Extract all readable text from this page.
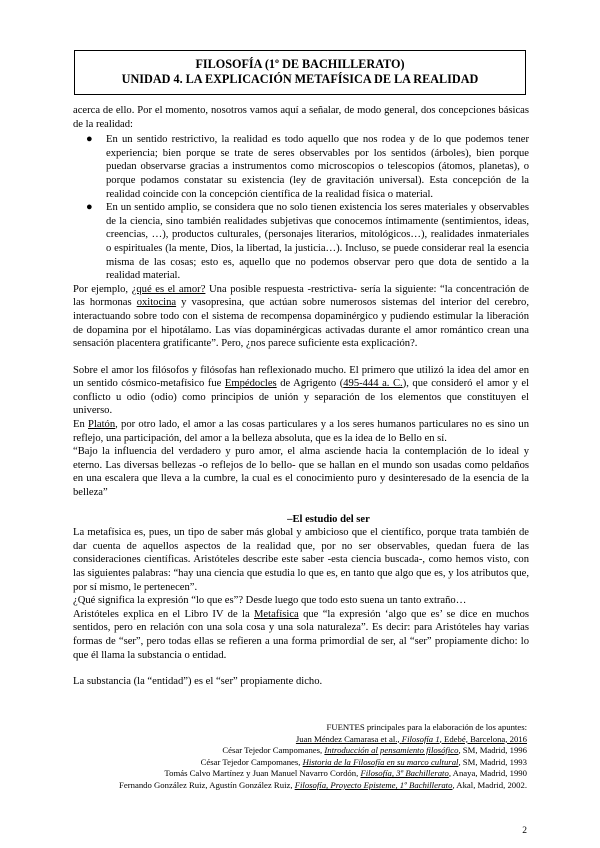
FILOSOFÍA (1º DE BACHILLERATO)
UNIDAD 4. LA EXPLICACIÓN METAFÍSICA DE LA REALIDAD

acerca de ello. Por el momento, nosotros vamos aquí a señalar, de modo general, dos concepciones básicas de la realidad:

● En un sentido restrictivo, la realidad es todo aquello que nos rodea y de lo que podemos tener experiencia; bien porque se trate de seres observables por los sentidos (árboles), bien porque puedan observarse gracias a instrumentos como microscopios o telescopios (átomos, planetas), o porque podamos constatar su existencia (ley de gravitación universal). Esta concepción de la realidad coincide con la concepción científica de la realidad física o material.
● En un sentido amplio, se considera que no solo tienen existencia los seres materiales y observables de la ciencia, sino también realidades subjetivas que conocemos íntimamente (sentimientos, ideas, creencias, …), productos culturales, (personajes literarios, mitológicos…), realidades inmateriales o espirituales (la mente, Dios, la libertad, la justicia…). Incluso, se puede considerar real la esencia misma de las cosas; esto es, aquello que no podemos observar pero que dota de sentido a la realidad material.

Por ejemplo, ¿qué es el amor? Una posible respuesta -restrictiva- sería la siguiente: “la concentración de las hormonas oxitocina y vasopresina, que actúan sobre numerosos sistemas del interior del cerebro, interactuando sobre todo con el sistema de recompensa dopaminérgico y pudiendo estimular la liberación de dopamina por el hipotálamo. Las vías dopaminérgicas activadas durante el amor romántico crean una sensación placentera gratificante”. Pero, ¿nos parece suficiente esta explicación?.

Sobre el amor los filósofos y filósofas han reflexionado mucho. El primero que utilizó la idea del amor en un sentido cósmico-metafísico fue Empédocles de Agrigento (495-444 a. C.), que consideró el amor y el conflicto u odio (odio) como principios de unión y separación de los elementos que constituyen el universo.

En Platón, por otro lado, el amor a las cosas particulares y a los seres humanos particulares no es sino un reflejo, una participación, del amor a la belleza absoluta, que es la idea de lo Bello en sí.

“Bajo la influencia del verdadero y puro amor, el alma asciende hacia la contemplación de lo ideal y eterno. Las diversas bellezas -o reflejos de lo bello- que se hallan en el mundo son usadas como peldaños en una escalera que lleva a la cumbre, la cual es el conocimiento puro y desinteresado de la esencia de la belleza”

–El estudio del ser

La metafísica es, pues, un tipo de saber más global y ambicioso que el científico, porque trata también de dar cuenta de aquellos aspectos de la realidad que, por no ser observables, quedan fuera de las consideraciones científicas. Aristóteles describe este saber -esta ciencia buscada-, como hemos visto, con las siguientes palabras: “hay una ciencia que estudia lo que es, en tanto que algo que es, y los atributos que, por sí mismo, le pertenecen”.

¿Qué significa la expresión “lo que es”? Desde luego que todo esto suena un tanto extraño…

Aristóteles explica en el Libro IV de la Metafísica que “la expresión ‘algo que es’ se dice en muchos sentidos, pero en relación con una sola cosa y una sola naturaleza”. Es decir: para Aristóteles hay varias formas de “ser”, pero todas ellas se refieren a una forma primordial de ser, al “ser” propiamente dicho: lo que él llama la substancia o entidad.

La substancia (la “entidad”) es el “ser” propiamente dicho.

FUENTES principales para la elaboración de los apuntes:
Juan Méndez Camarasa et al., Filosofía 1, Edebé, Barcelona, 2016
César Tejedor Campomanes, Introducción al pensamiento filosófico, SM, Madrid, 1996
César Tejedor Campomanes, Historia de la Filosofía en su marco cultural, SM, Madrid, 1993
Tomás Calvo Martínez y Juan Manuel Navarro Cordón, Filosofía, 3º Bachillerato, Anaya, Madrid, 1990
Fernando González Ruiz, Agustín González Ruiz, Filosofía, Proyecto Episteme, 1º Bachillerato, Akal, Madrid, 2002.
2
